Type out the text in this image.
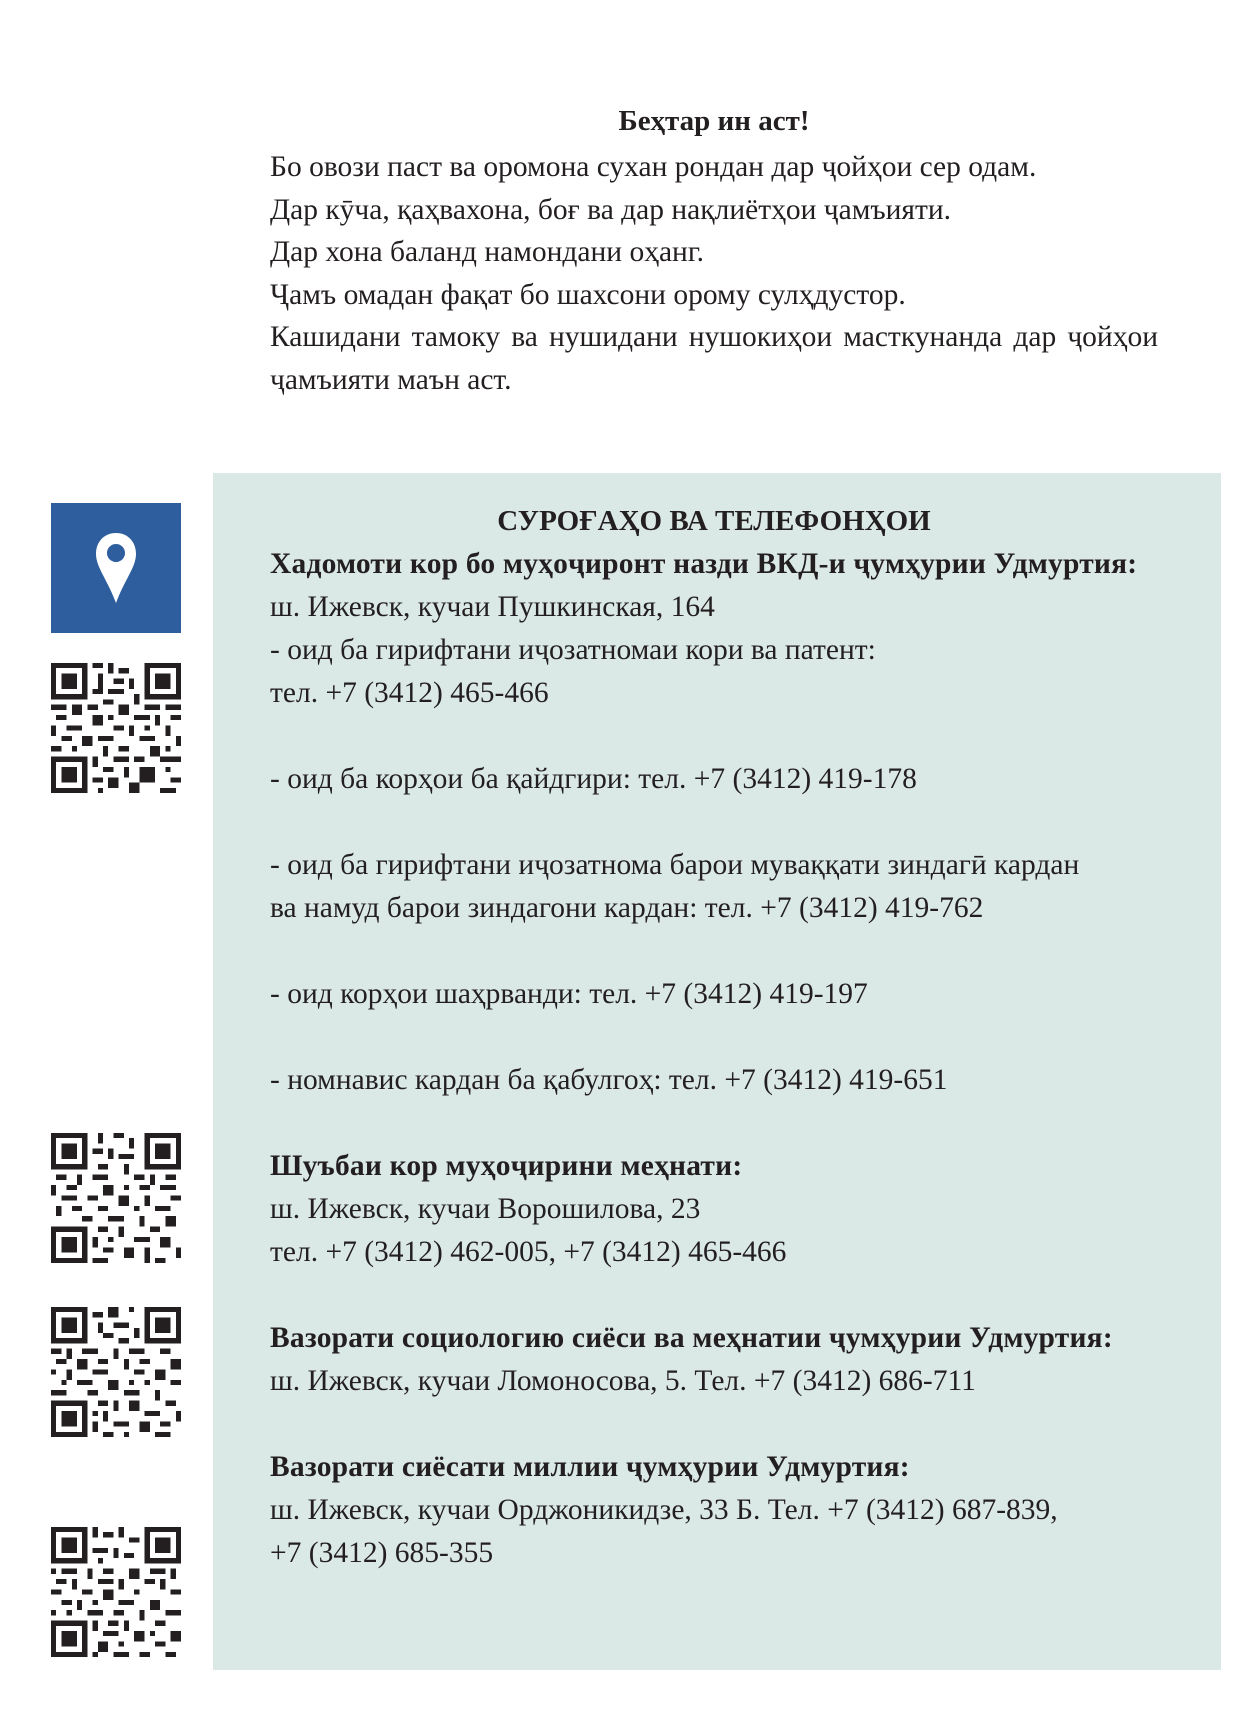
Беҳтар ин аст!

Бо овози паст ва оромона сухан рондан дар ҷойҳои сер одам.

Дар кӯча, қаҳвахона, боғ ва дар нақлиётҳои ҷамъияти.

Дар хона баланд намондани оҳанг.

Ҷамъ омадан фақат бо шахсони орому сулҳдустор.

Кашидани тамоку ва нушидани нушокиҳои масткунанда дар ҷойҳои ҷамъияти маън аст.

СУРОҒАҲО ВА ТЕЛЕФОНҲОИ

Хадомоти кор бо муҳоҷиронт назди ВКД-и ҷумҳурии Удмуртия:

ш. Ижевск, кучаи Пушкинская, 164

- оид ба гирифтани иҷозатномаи кори ва патент:

тел. +7 (3412) 465-466

- оид ба корҳои ба қайдгири: тел. +7 (3412) 419-178

- оид ба гирифтани иҷозатнома барои муваққати зиндагӣ кардан

ва намуд барои зиндагони кардан: тел. +7 (3412) 419-762

- оид корҳои шаҳрванди: тел. +7 (3412) 419-197

- номнавис кардан ба қабулгоҳ: тел. +7 (3412) 419-651

Шуъбаи кор муҳоҷирини меҳнати:

ш. Ижевск, кучаи Ворошилова, 23

тел. +7 (3412) 462-005, +7 (3412) 465-466

Вазорати социологию сиёси ва меҳнатии ҷумҳурии Удмуртия:

ш. Ижевск, кучаи Ломоносова, 5. Тел. +7 (3412) 686-711

Вазорати сиёсати миллии ҷумҳурии Удмуртия:

ш. Ижевск, кучаи Орджоникидзе, 33 Б. Тел. +7 (3412) 687-839,

+7 (3412) 685-355
